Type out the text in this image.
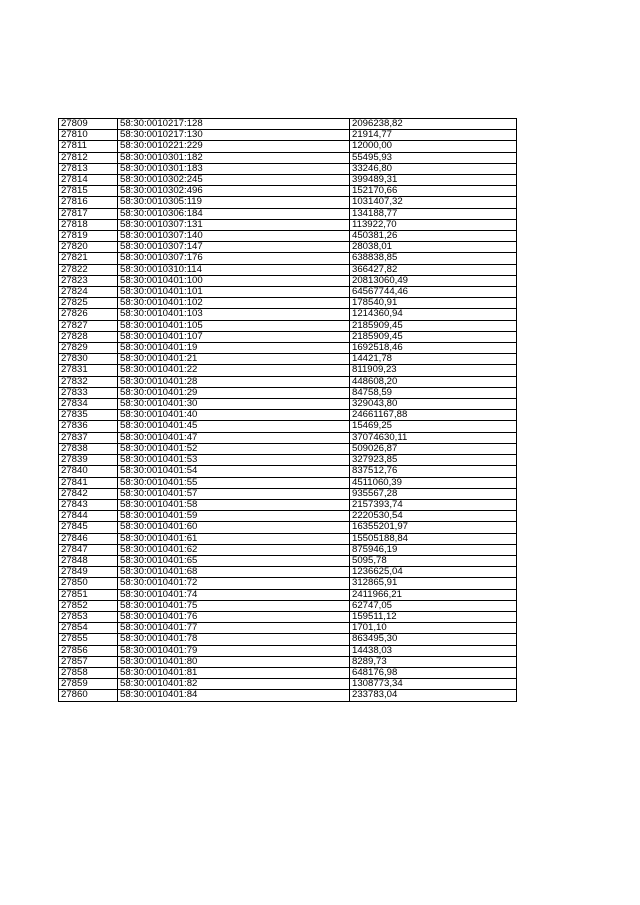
27809	58:30:0010217:128	2096238,82
27810	58:30:0010217:130	21914,77
27811	58:30:0010221:229	12000,00
27812	58:30:0010301:182	55495,93
27813	58:30:0010301:183	33246,80
27814	58:30:0010302:245	399489,31
27815	58:30:0010302:496	152170,66
27816	58:30:0010305:119	1031407,32
27817	58:30:0010306:184	134188,77
27818	58:30:0010307:131	113922,70
27819	58:30:0010307:140	450381,26
27820	58:30:0010307:147	28038,01
27821	58:30:0010307:176	638838,85
27822	58:30:0010310:114	366427,82
27823	58:30:0010401:100	20813060,49
27824	58:30:0010401:101	64567744,46
27825	58:30:0010401:102	178540,91
27826	58:30:0010401:103	1214360,94
27827	58:30:0010401:105	2185909,45
27828	58:30:0010401:107	2185909,45
27829	58:30:0010401:19	1692518,46
27830	58:30:0010401:21	14421,78
27831	58:30:0010401:22	811909,23
27832	58:30:0010401:28	448608,20
27833	58:30:0010401:29	84758,59
27834	58:30:0010401:30	329043,80
27835	58:30:0010401:40	24661167,88
27836	58:30:0010401:45	15469,25
27837	58:30:0010401:47	37074630,11
27838	58:30:0010401:52	509026,87
27839	58:30:0010401:53	327923,85
27840	58:30:0010401:54	837512,76
27841	58:30:0010401:55	4511060,39
27842	58:30:0010401:57	935567,28
27843	58:30:0010401:58	2157393,74
27844	58:30:0010401:59	2220530,54
27845	58:30:0010401:60	16355201,97
27846	58:30:0010401:61	15505188,84
27847	58:30:0010401:62	875946,19
27848	58:30:0010401:65	5095,78
27849	58:30:0010401:68	1236625,04
27850	58:30:0010401:72	312865,91
27851	58:30:0010401:74	2411966,21
27852	58:30:0010401:75	62747,05
27853	58:30:0010401:76	159511,12
27854	58:30:0010401:77	1701,10
27855	58:30:0010401:78	863495,30
27856	58:30:0010401:79	14438,03
27857	58:30:0010401:80	8289,73
27858	58:30:0010401:81	648176,98
27859	58:30:0010401:82	1308773,34
27860	58:30:0010401:84	233783,04
